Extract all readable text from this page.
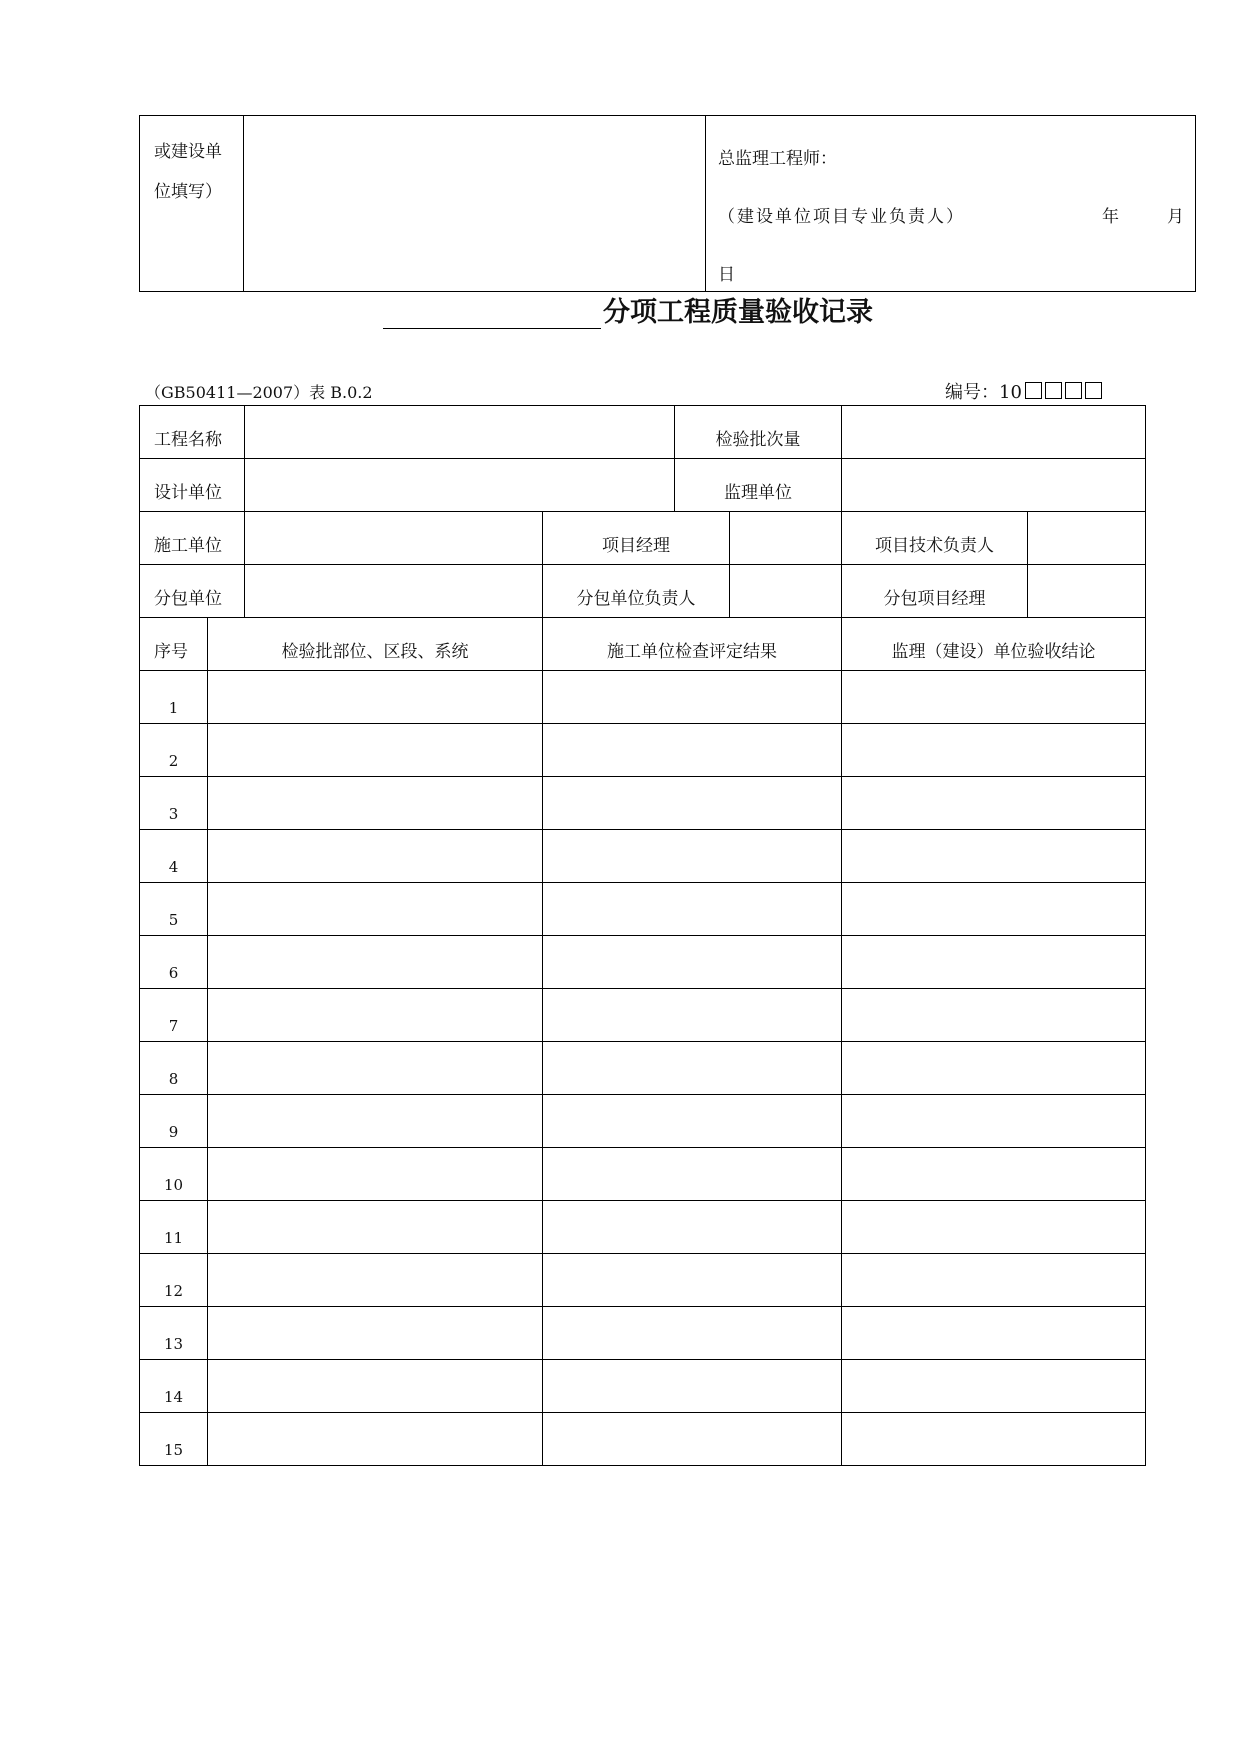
或建设单
位填写）

总监理工程师：
（建设单位项目专业负责人）	年	月
日
分项工程质量验收记录
（GB50411—2007）表 B.0.2	编号：10
工程名称		检验批次量	
设计单位		监理单位	
施工单位		项目经理		项目技术负责人	
分包单位		分包单位负责人		分包项目经理	
序号	检验批部位、区段、系统	施工单位检查评定结果	监理（建设）单位验收结论
1			
2			
3			
4			
5			
6			
7			
8			
9			
10			
11			
12			
13			
14			
15			
